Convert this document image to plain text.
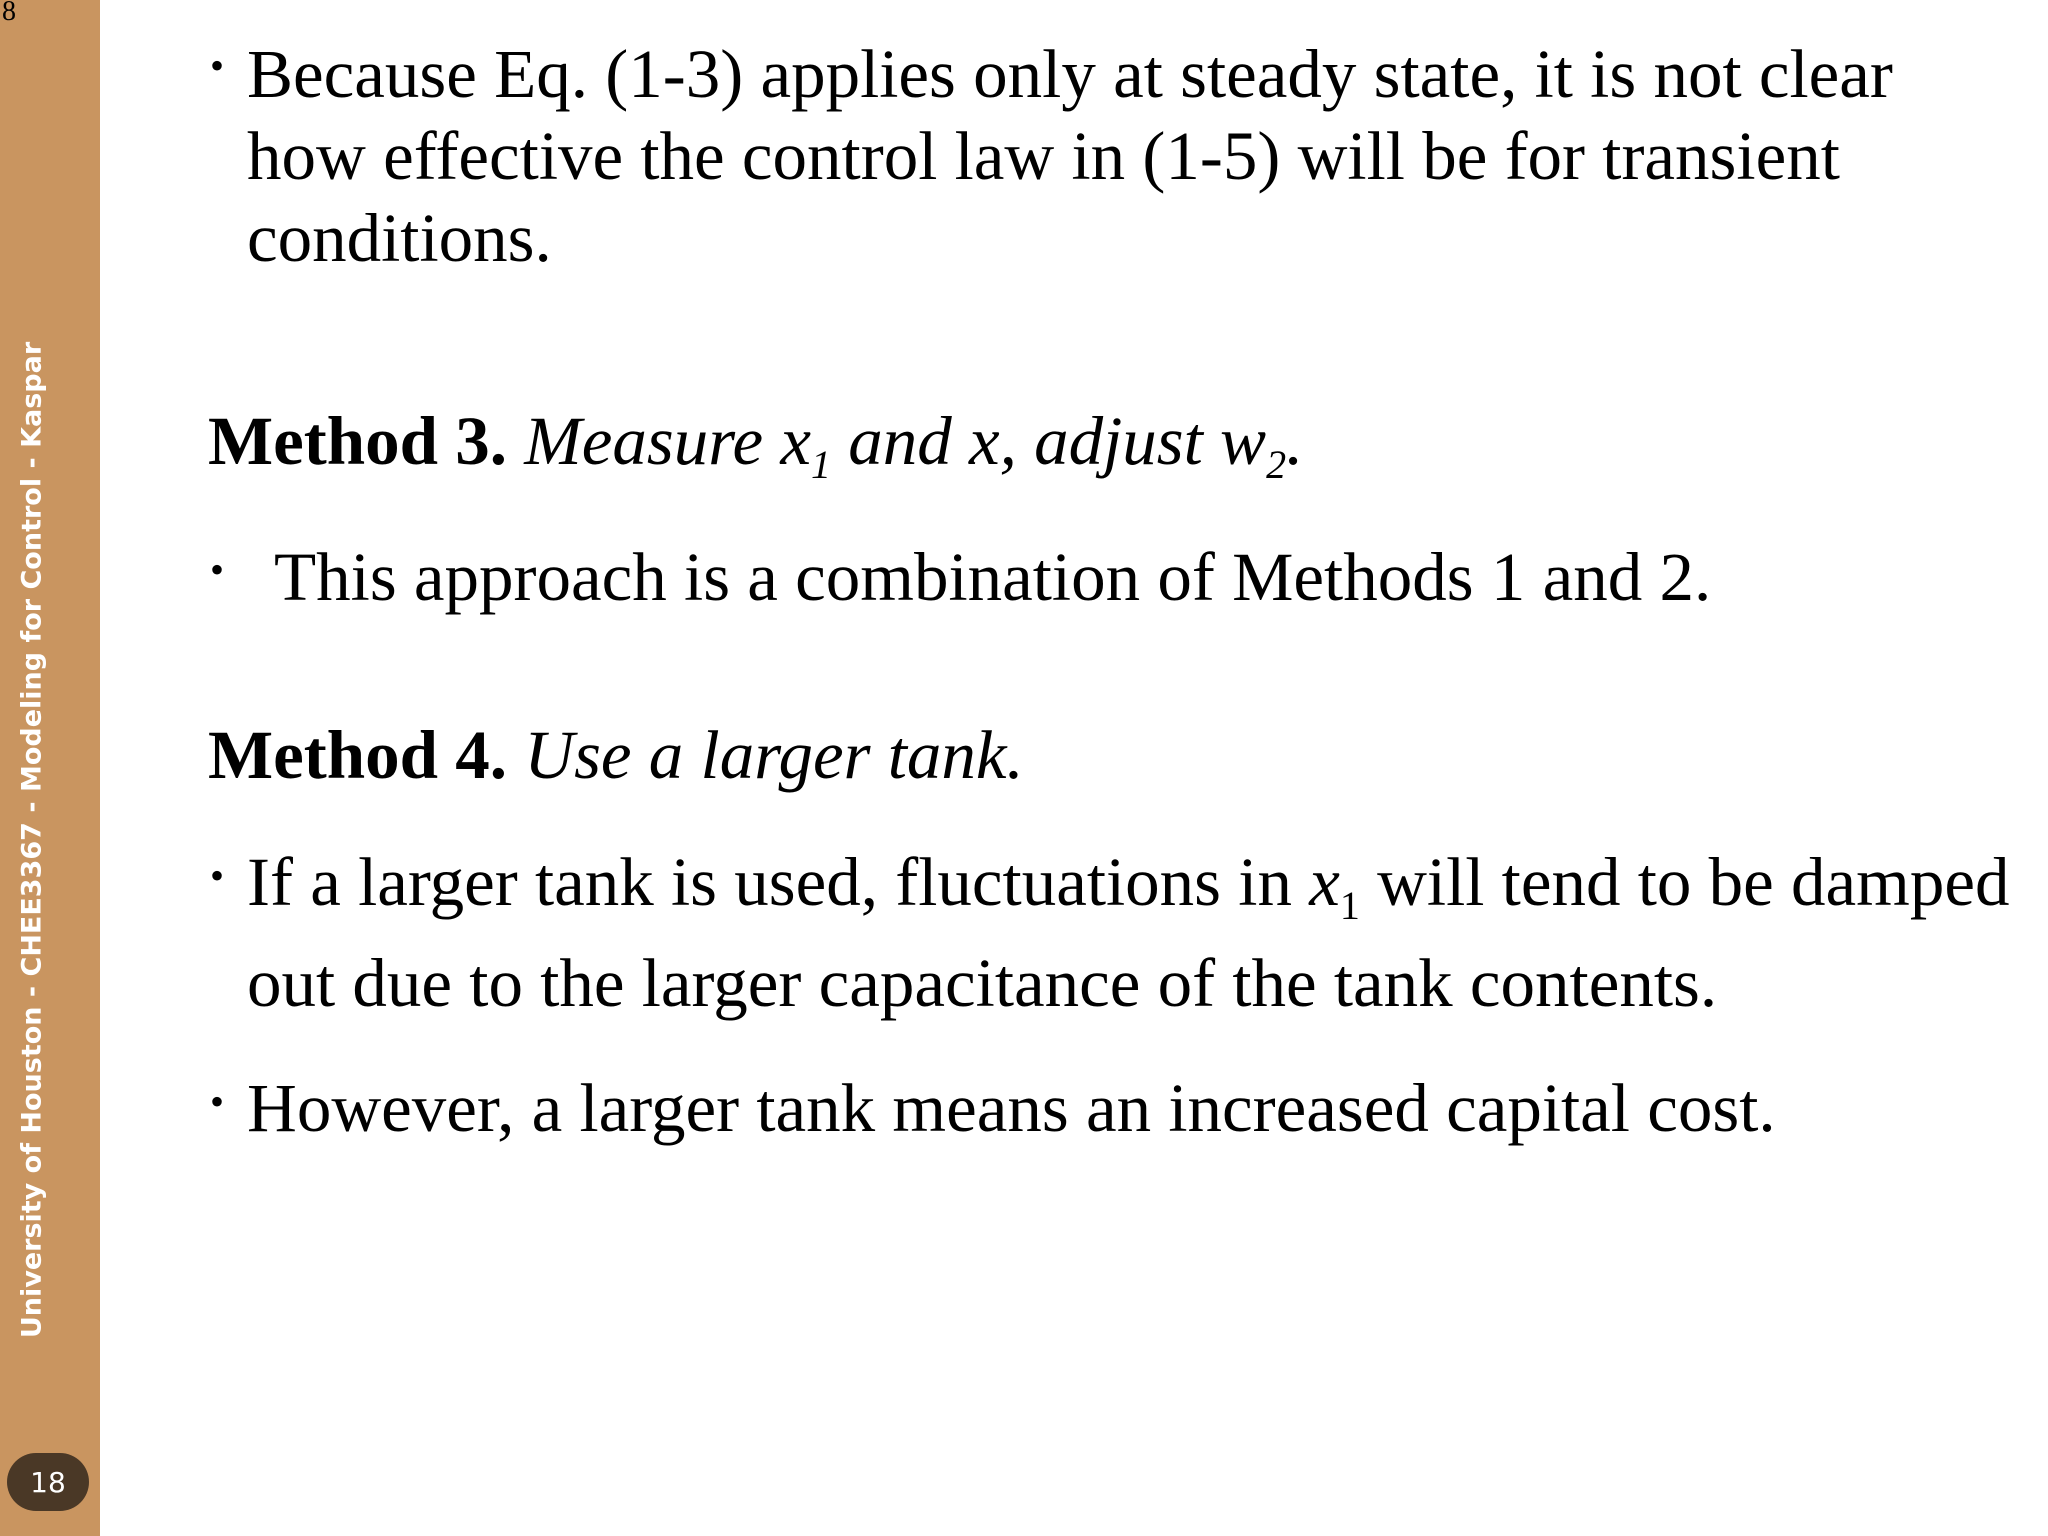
University of Houston - CHEE3367 - Modeling for Control - Kaspar
18
8
• Because Eq. (1-3) applies only at steady state, it is not clear
how effective the control law in (1-5) will be for transient
conditions.
Method 3. Measure $x_1$ and x, adjust $w_2$.
• This approach is a combination of Methods 1 and 2.
Method 4. Use a larger tank.
• If a larger tank is used, fluctuations in $x_1$ will tend to be damped
out due to the larger capacitance of the tank contents.
• However, a larger tank means an increased capital cost.
